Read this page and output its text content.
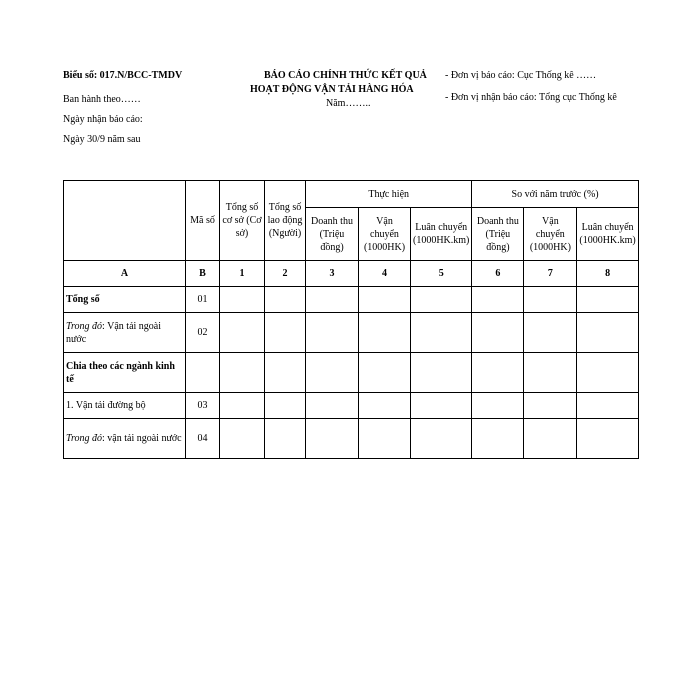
Biểu số: 017.N/BCC-TMDV
Ban hành theo……
Ngày nhận báo cáo:
Ngày 30/9 năm sau
BÁO CÁO CHÍNH THỨC KẾT QUẢ
HOẠT ĐỘNG VẬN TẢI HÀNG HÓA
Năm……..
- Đơn vị báo cáo: Cục Thống kê ……
- Đơn vị nhận báo cáo: Tổng cục Thống kê
	Mã số	Tổng số cơ sở (Cơ sở)	Tổng số lao động (Người)	Thực hiện			So với năm trước (%)		
				Doanh thu (Triệu đồng)	Vận chuyển (1000HK)	Luân chuyển (1000HK.km)	Doanh thu (Triệu đồng)	Vận chuyển (1000HK)	Luân chuyển (1000HK.km)
A	B	1	2	3	4	5	6	7	8
Tổng số	01								
Trong đó: Vận tải ngoài nước	02								
Chia theo các ngành kinh tế									
1. Vận tải đường bộ	03								
Trong đó: vận tải ngoài nước	04								
